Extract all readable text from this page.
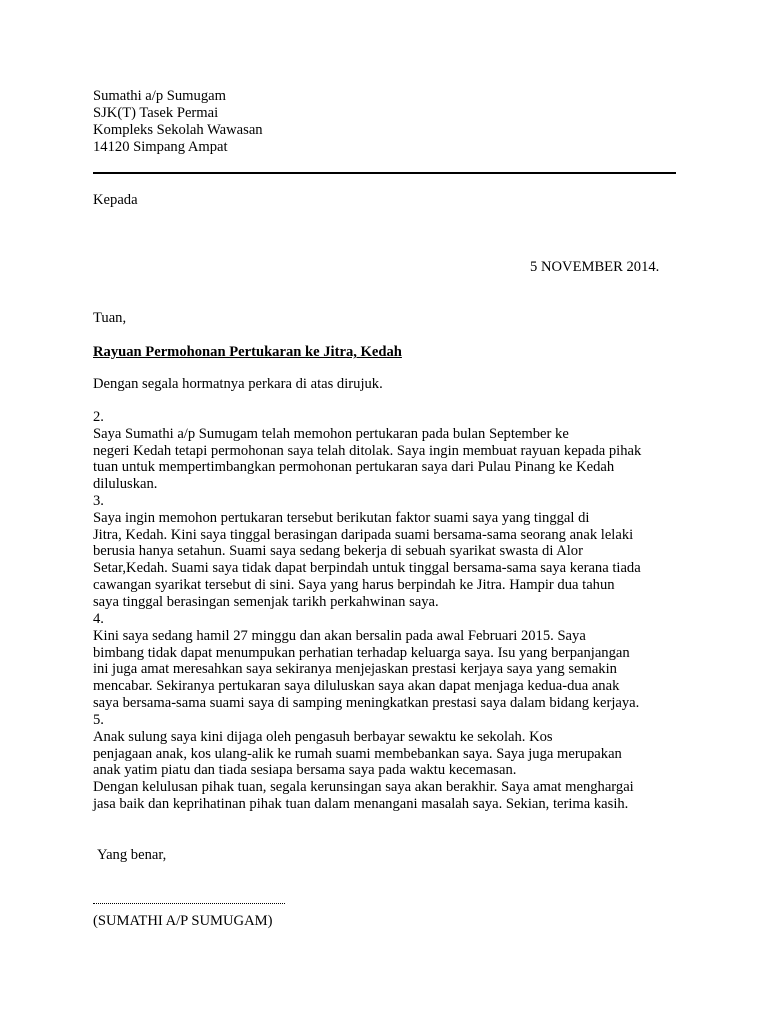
Sumathi a/p Sumugam
SJK(T) Tasek Permai
Kompleks Sekolah Wawasan
14120 Simpang Ampat
Kepada
5 NOVEMBER 2014.
Tuan,
Rayuan Permohonan Pertukaran ke Jitra, Kedah
Dengan segala hormatnya perkara di atas dirujuk.
2.
Saya Sumathi a/p Sumugam telah memohon pertukaran pada bulan September ke
negeri Kedah tetapi permohonan saya telah ditolak. Saya ingin membuat rayuan kepada pihak
tuan untuk mempertimbangkan permohonan pertukaran saya dari Pulau Pinang ke Kedah
diluluskan.
3.
Saya ingin memohon pertukaran tersebut berikutan faktor suami saya yang tinggal di
Jitra, Kedah. Kini saya tinggal berasingan daripada suami bersama-sama seorang anak lelaki
berusia hanya setahun. Suami saya sedang bekerja di sebuah syarikat swasta di Alor
Setar,Kedah. Suami saya tidak dapat berpindah untuk tinggal bersama-sama saya kerana tiada
cawangan syarikat tersebut di sini. Saya yang harus berpindah ke Jitra. Hampir dua tahun
saya tinggal berasingan semenjak tarikh perkahwinan saya.
4.
Kini saya sedang hamil 27 minggu dan akan bersalin pada awal Februari 2015. Saya
bimbang tidak dapat menumpukan perhatian terhadap keluarga saya. Isu yang berpanjangan
ini juga amat meresahkan saya sekiranya menjejaskan prestasi kerjaya saya yang semakin
mencabar. Sekiranya pertukaran saya diluluskan saya akan dapat menjaga kedua-dua anak
saya bersama-sama suami saya di samping meningkatkan prestasi saya dalam bidang kerjaya.
5.
Anak sulung saya kini dijaga oleh pengasuh berbayar sewaktu ke sekolah. Kos
penjagaan anak, kos ulang-alik ke rumah suami membebankan saya. Saya juga merupakan
anak yatim piatu dan tiada sesiapa bersama saya pada waktu kecemasan.
Dengan kelulusan pihak tuan, segala kerunsingan saya akan berakhir. Saya amat menghargai
jasa baik dan keprihatinan pihak tuan dalam menangani masalah saya. Sekian, terima kasih.
Yang benar,
(SUMATHI A/P SUMUGAM)
